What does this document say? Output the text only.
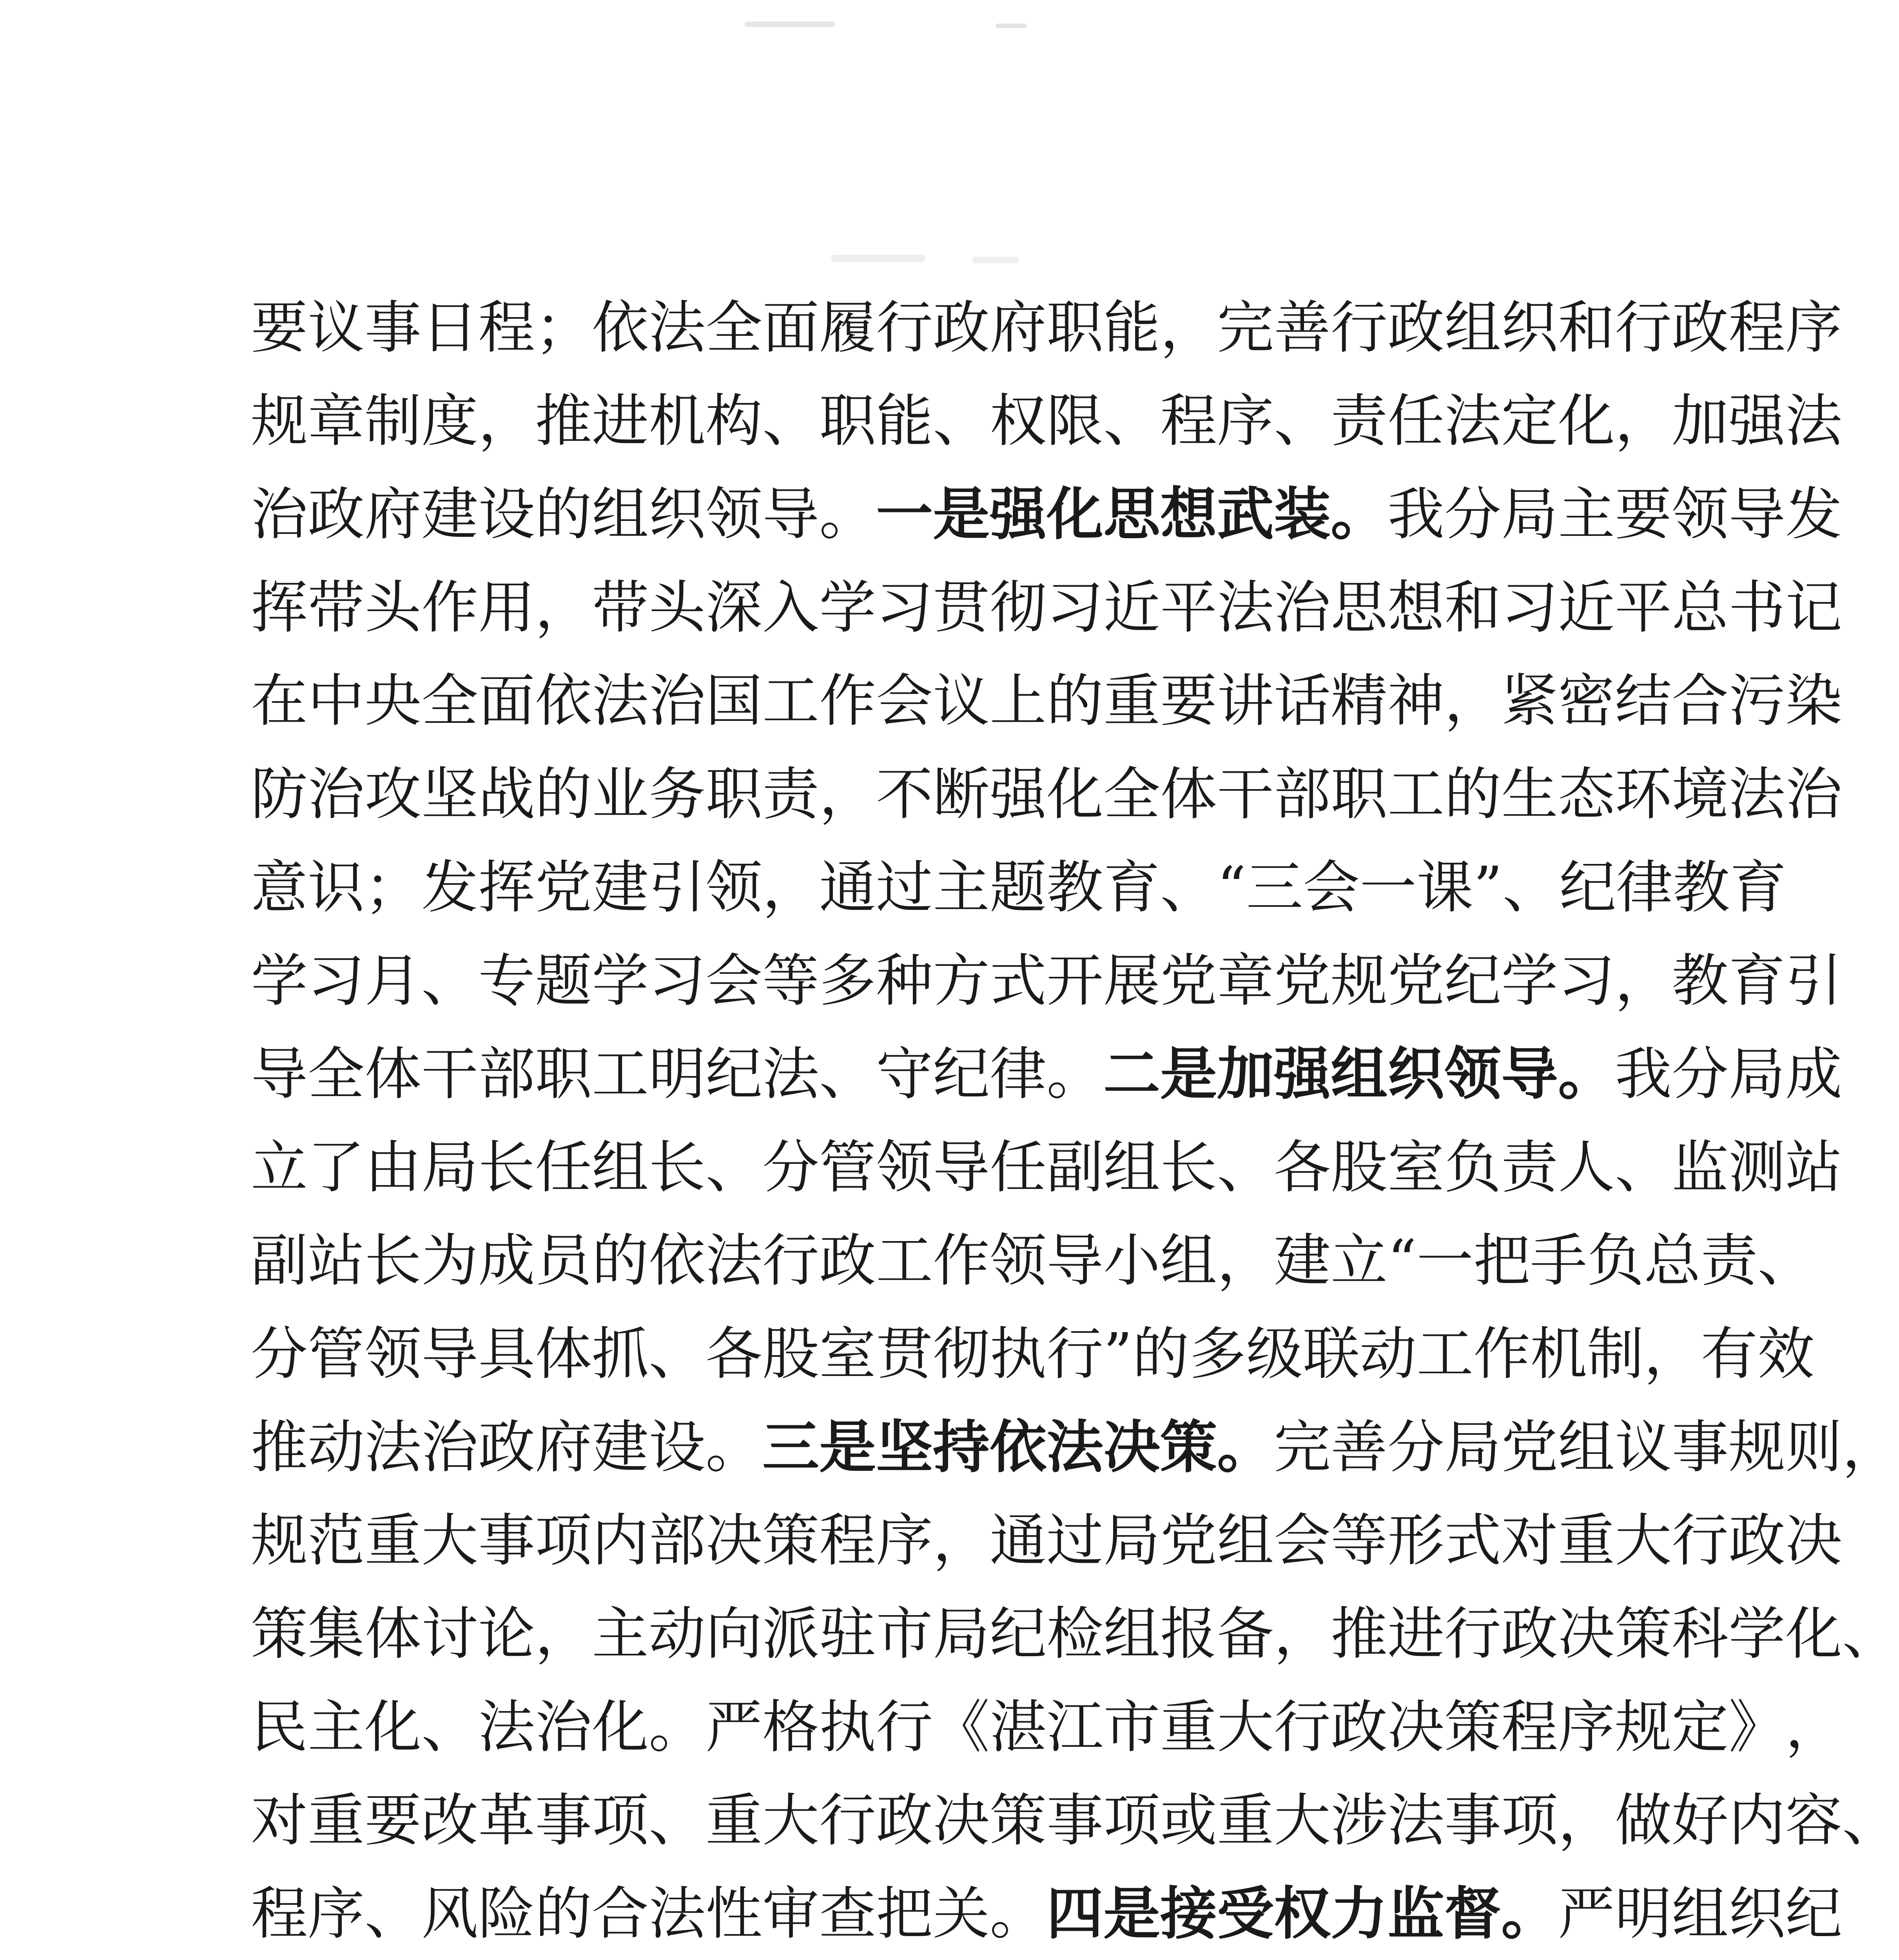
要 议 事 日 程 ； 依 法 全 面 履 行 政 府 职 能 ， 完 善 行 政 组 织 和 行 政 程 序
规 章 制 度 ， 推 进 机 构 、 职 能 、 权 限 、 程 序 、 责 任 法 定 化 ， 加 强 法
治政府建设的组织领导。 一是强化思想武装。 我分局主要领导发
挥 带 头 作 用 ， 带 头 深 入 学 习 贯 彻 习 近 平 法 治 思 想 和 习 近 平 总 书 记
在 中 央 全 面 依 法 治 国 工 作 会 议 上 的 重 要 讲 话 精 神 ， 紧 密 结 合 污 染
防 治 攻 坚 战 的 业 务 职 责 ， 不 断 强 化 全 体 干 部 职 工 的 生 态 环 境 法 治
意 识 ； 发 挥 党 建 引 领 ， 通 过 主 题 教 育 、 “ 三 会 一 课 ” 、 纪 律 教 育
学 习 月 、 专 题 学 习 会 等 多 种 方 式 开 展 党 章 党 规 党 纪 学 习 ， 教 育 引
导全体干部职工明纪法、守纪律。 二是加强组织领导。 我分局成
立 了 由 局 长 任 组 长 、 分 管 领 导 任 副 组 长 、 各 股 室 负 责 人 、 监 测 站
副 站 长 为 成 员 的 依 法 行 政 工 作 领 导 小 组 ， 建 立 “ 一 把 手 负 总 责 、
分 管 领 导 具 体 抓 、 各 股 室 贯 彻 执 行 ” 的 多 级 联 动 工 作 机 制 ， 有 效
推动法治政府建设。 三是坚持依法决策。 完善分局党组议事规则，
规 范 重 大 事 项 内 部 决 策 程 序 ， 通 过 局 党 组 会 等 形 式 对 重 大 行 政 决
策 集 体 讨 论 ， 主 动 向 派 驻 市 局 纪 检 组 报 备 ， 推 进 行 政 决 策 科 学 化 、
民 主 化 、 法 治 化 。 严 格 执 行 《 湛 江 市 重 大 行 政 决 策 程 序 规 定 》 ，
对 重 要 改 革 事 项 、 重 大 行 政 决 策 事 项 或 重 大 涉 法 事 项 ， 做 好 内 容 、
程序、风险的合法性审查把关。 四是接受权力监督。 严明组织纪
